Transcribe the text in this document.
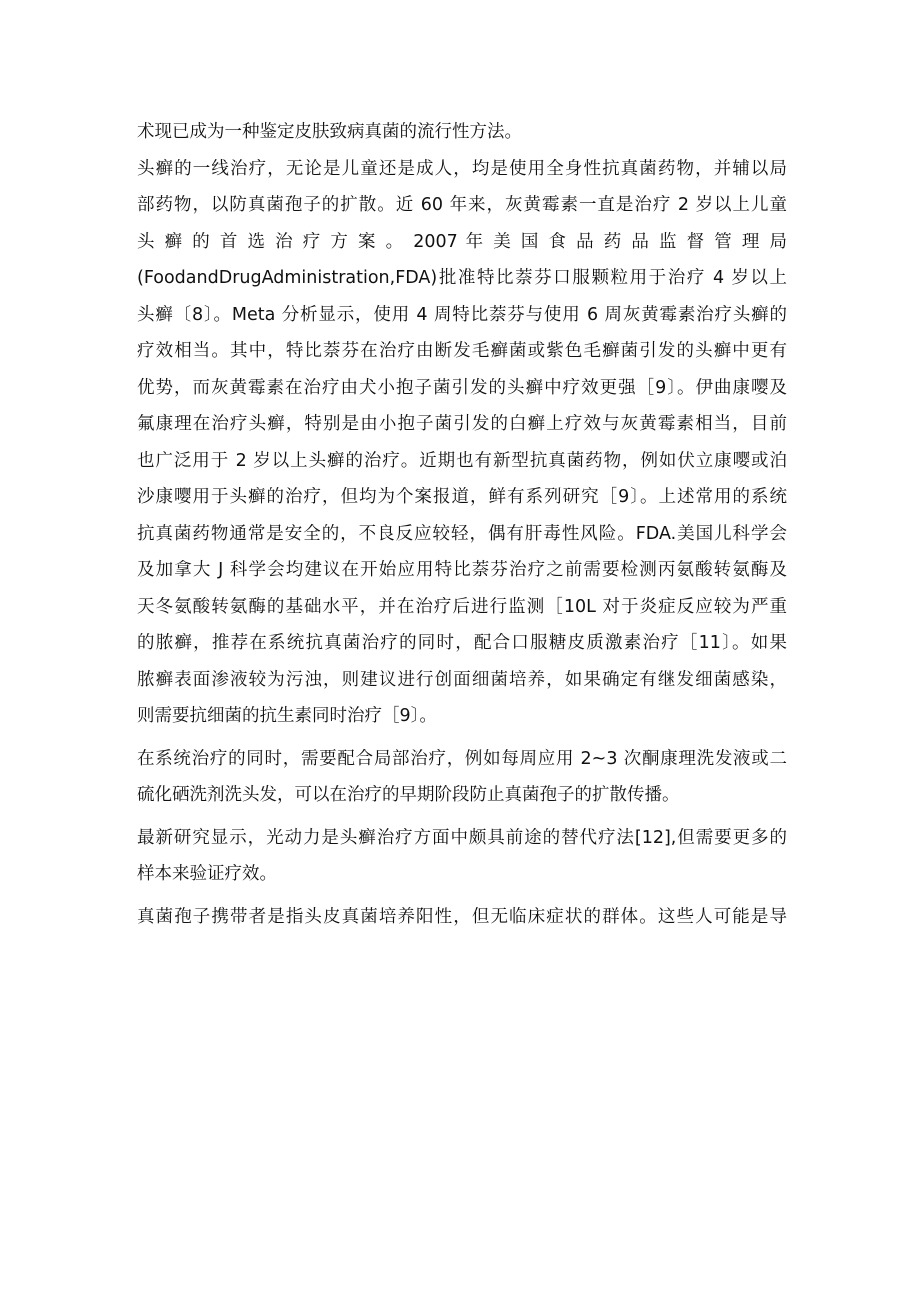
术现已成为一种鉴定皮肤致病真菌的流行性方法。
头癣的一线治疗，无论是儿童还是成人，均是使用全身性抗真菌药物，并辅以局
部药物，以防真菌孢子的扩散。近 60 年来，灰黄霉素一直是治疗 2 岁以上儿童
头 癣 的 首 选 治 疗 方 案 。 2007 年 美 国 食 品 药 品 监 督 管 理 局
(FoodandDrugAdministration,FDA)批准特比萘芬口服颗粒用于治疗 4 岁以上
头癣〔8〕。Meta 分析显示，使用 4 周特比萘芬与使用 6 周灰黄霉素治疗头癣的
疗效相当。其中，特比萘芬在治疗由断发毛癣菌或紫色毛癣菌引发的头癣中更有
优势，而灰黄霉素在治疗由犬小抱子菌引发的头癣中疗效更强［9〕。伊曲康嘤及
氟康理在治疗头癣，特别是由小抱子菌引发的白癣上疗效与灰黄霉素相当，目前
也广泛用于 2 岁以上头癣的治疗。近期也有新型抗真菌药物，例如伏立康嘤或泊
沙康嘤用于头癣的治疗，但均为个案报道，鲜有系列研究［9〕。上述常用的系统
抗真菌药物通常是安全的，不良反应较轻，偶有肝毒性风险。FDA.美国儿科学会
及加拿大 J 科学会均建议在开始应用特比萘芬治疗之前需要检测丙氨酸转氨酶及
天冬氨酸转氨酶的基础水平，并在治疗后进行监测［10L 对于炎症反应较为严重
的脓癣，推荐在系统抗真菌治疗的同时，配合口服糖皮质激素治疗［11〕。如果
脓癣表面渗液较为污浊，则建议进行创面细菌培养，如果确定有继发细菌感染，
则需要抗细菌的抗生素同时治疗［9〕。
在系统治疗的同时，需要配合局部治疗，例如每周应用 2~3 次酮康理洗发液或二
硫化硒洗剂洗头发，可以在治疗的早期阶段防止真菌孢子的扩散传播。
最新研究显示，光动力是头癣治疗方面中颇具前途的替代疗法[12],但需要更多的
样本来验证疗效。
真菌孢子携带者是指头皮真菌培养阳性，但无临床症状的群体。这些人可能是导
